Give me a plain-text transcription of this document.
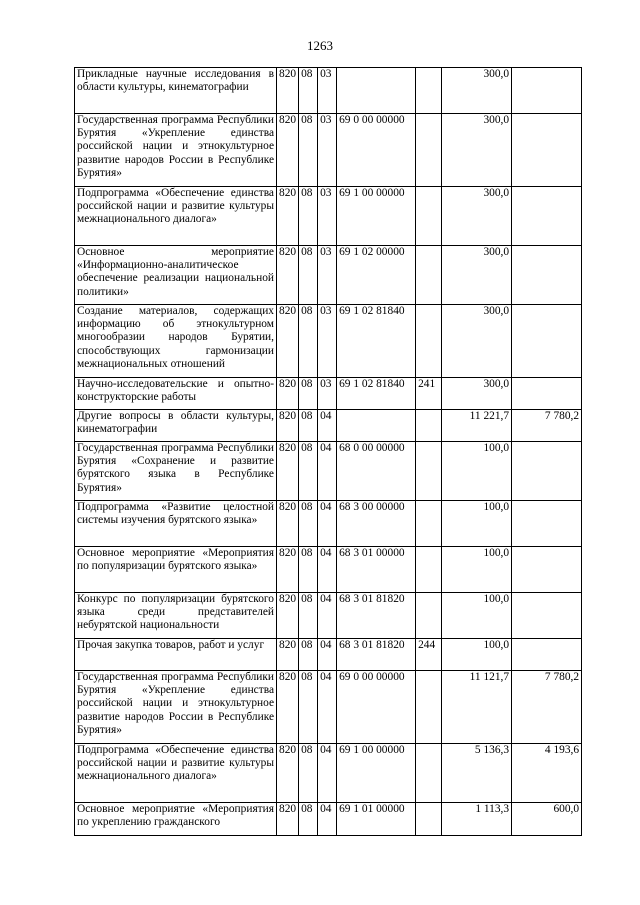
1263
Прикладные научные исследования в области культуры, кинематографии	820	08	03			300,0	
Государственная программа Республики Бурятия «Укрепление единства российской нации и этнокультурное развитие народов России в Республике Бурятия»	820	08	03	69 0 00 00000		300,0	
Подпрограмма «Обеспечение единства российской нации и развитие культуры межнационального диалога»	820	08	03	69 1 00 00000		300,0	
Основное мероприятие «Информационно-аналитическое обеспечение реализации национальной политики»	820	08	03	69 1 02 00000		300,0	
Создание материалов, содержащих информацию об этнокультурном многообразии народов Бурятии, способствующих гармонизации межнациональных отношений	820	08	03	69 1 02 81840		300,0	
Научно-исследовательские и опытно-конструкторские работы	820	08	03	69 1 02 81840	241	300,0	
Другие вопросы в области культуры, кинематографии	820	08	04			11 221,7	7 780,2
Государственная программа Республики Бурятия «Сохранение и развитие бурятского языка в Республике Бурятия»	820	08	04	68 0 00 00000		100,0	
Подпрограмма «Развитие целостной системы изучения бурятского языка»	820	08	04	68 3 00 00000		100,0	
Основное мероприятие «Мероприятия по популяризации бурятского языка»	820	08	04	68 3 01 00000		100,0	
Конкурс по популяризации бурятского языка среди представителей небурятской национальности	820	08	04	68 3 01 81820		100,0	
Прочая закупка товаров, работ и услуг	820	08	04	68 3 01 81820	244	100,0	
Государственная программа Республики Бурятия «Укрепление единства российской нации и этнокультурное развитие народов России в Республике Бурятия»	820	08	04	69 0 00 00000		11 121,7	7 780,2
Подпрограмма «Обеспечение единства российской нации и развитие культуры межнационального диалога»	820	08	04	69 1 00 00000		5 136,3	4 193,6
Основное мероприятие «Мероприятия по укреплению гражданского	820	08	04	69 1 01 00000		1 113,3	600,0
